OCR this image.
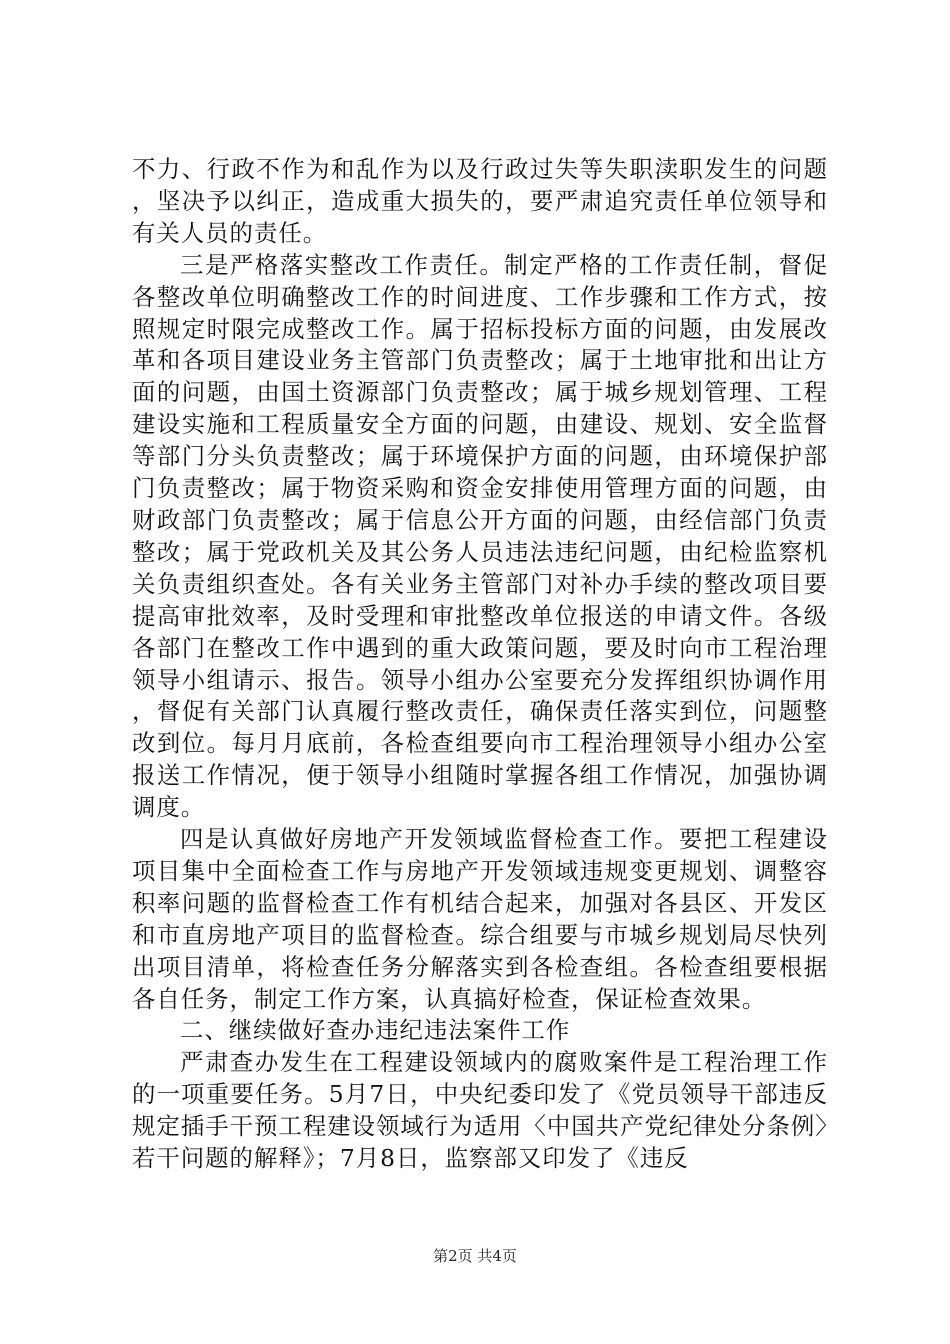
不力、行政不作为和乱作为以及行政过失等失职渎职发生的问题，坚决予以纠正，造成重大损失的，要严肃追究责任单位领导和有关人员的责任。

三是严格落实整改工作责任。制定严格的工作责任制，督促各整改单位明确整改工作的时间进度、工作步骤和工作方式，按照规定时限完成整改工作。属于招标投标方面的问题，由发展改革和各项目建设业务主管部门负责整改；属于土地审批和出让方面的问题，由国土资源部门负责整改；属于城乡规划管理、工程建设实施和工程质量安全方面的问题，由建设、规划、安全监督等部门分头负责整改；属于环境保护方面的问题，由环境保护部门负责整改；属于物资采购和资金安排使用管理方面的问题，由财政部门负责整改；属于信息公开方面的问题，由经信部门负责整改；属于党政机关及其公务人员违法违纪问题，由纪检监察机关负责组织查处。各有关业务主管部门对补办手续的整改项目要提高审批效率，及时受理和审批整改单位报送的申请文件。各级各部门在整改工作中遇到的重大政策问题，要及时向市工程治理领导小组请示、报告。领导小组办公室要充分发挥组织协调作用，督促有关部门认真履行整改责任，确保责任落实到位，问题整改到位。每月月底前，各检查组要向市工程治理领导小组办公室报送工作情况，便于领导小组随时掌握各组工作情况，加强协调调度。

四是认真做好房地产开发领域监督检查工作。要把工程建设项目集中全面检查工作与房地产开发领域违规变更规划、调整容积率问题的监督检查工作有机结合起来，加强对各县区、开发区和市直房地产项目的监督检查。综合组要与市城乡规划局尽快列出项目清单，将检查任务分解落实到各检查组。各检查组要根据各自任务，制定工作方案，认真搞好检查，保证检查效果。

二、继续做好查办违纪违法案件工作

严肃查办发生在工程建设领域内的腐败案件是工程治理工作的一项重要任务。5月7日，中央纪委印发了《党员领导干部违反规定插手干预工程建设领域行为适用〈中国共产党纪律处分条例〉若干问题的解释》；7月8日，监察部又印发了《违反

第2页 共4页
